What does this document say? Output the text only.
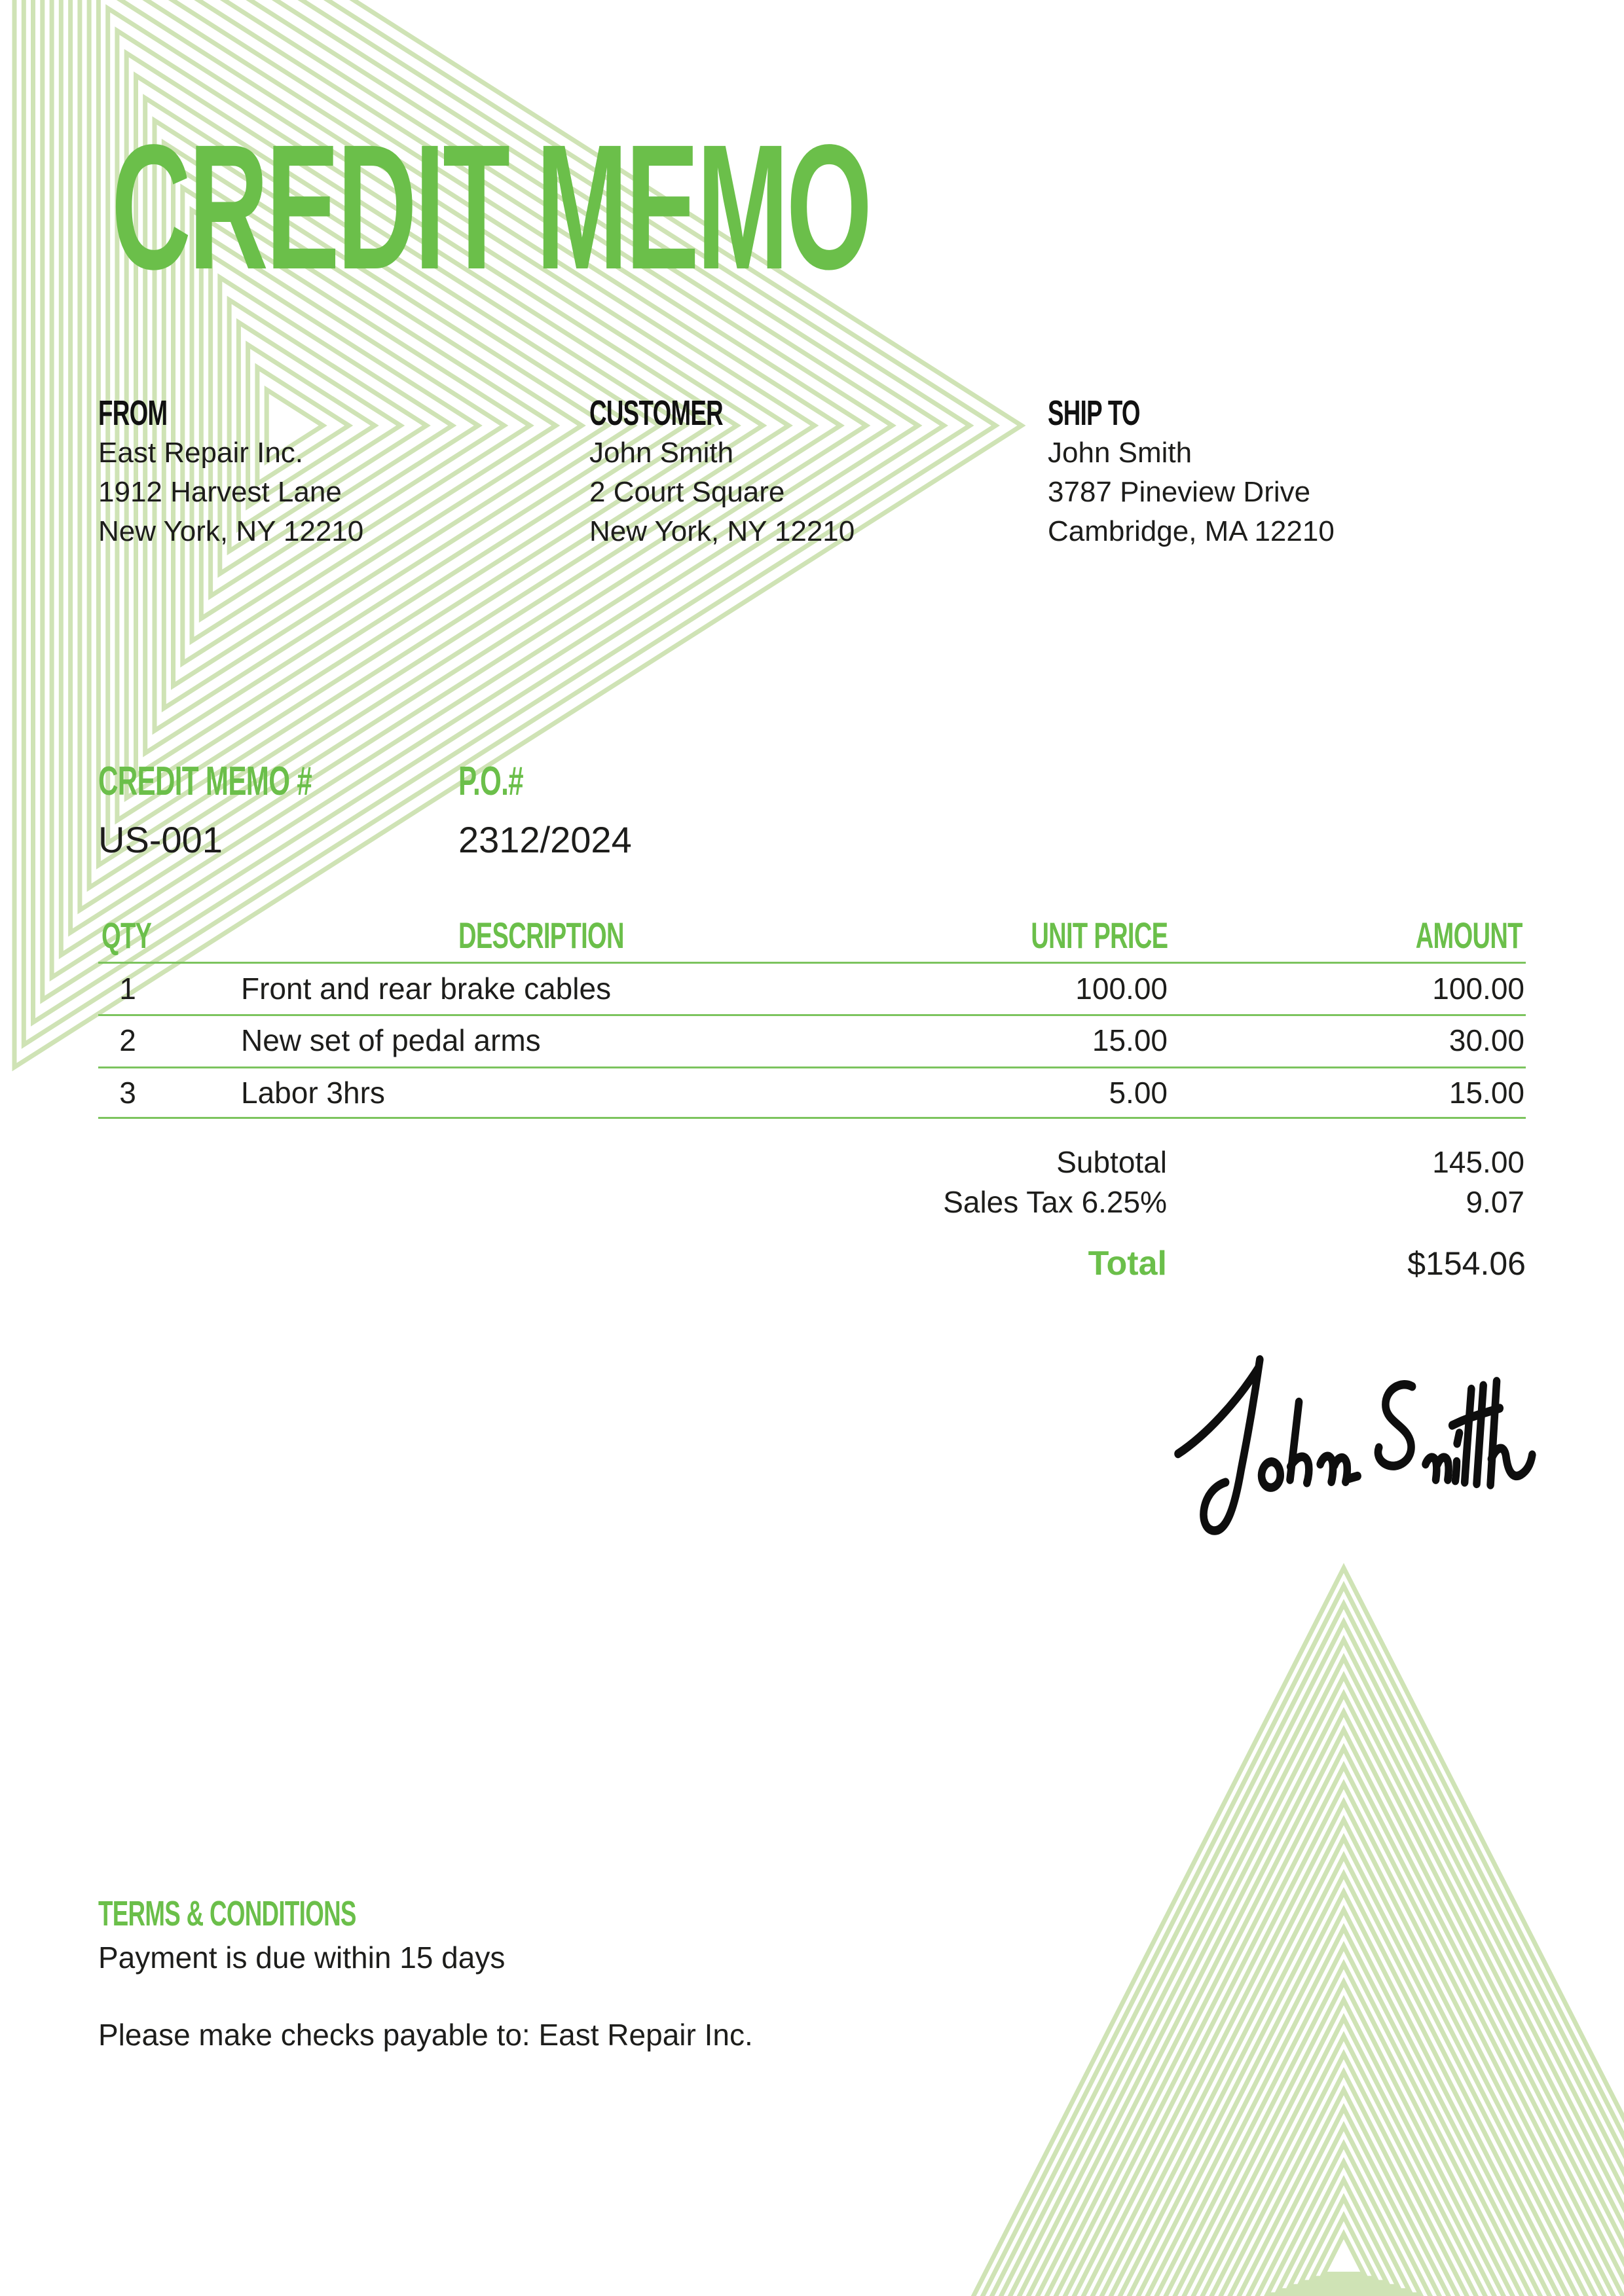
CREDIT MEMO
FROM
East Repair Inc.
1912 Harvest Lane
New York, NY 12210
CUSTOMER
John Smith
2 Court Square
New York, NY 12210
SHIP TO
John Smith
3787 Pineview Drive
Cambridge, MA 12210
CREDIT MEMO #
US-001
P.O.#
2312/2024
QTY	DESCRIPTION	UNIT PRICE	AMOUNT
1	Front and rear brake cables	100.00	100.00
2	New set of pedal arms	15.00	30.00
3	Labor 3hrs	5.00	15.00
Subtotal	145.00
Sales Tax 6.25%	9.07
Total	$154.06
TERMS & CONDITIONS
Payment is due within 15 days
Please make checks payable to: East Repair Inc.
